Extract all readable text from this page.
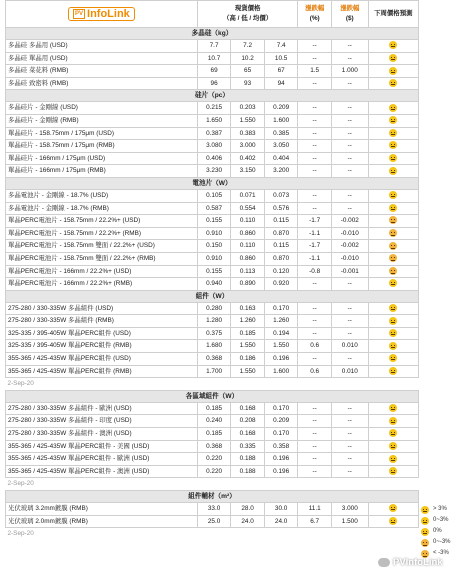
PV InfoLink	現貨價格
（高 / 低 / 均價）			漲跌幅
(%)	漲跌幅
($)	下周價格預測
多晶硅（kg）						
多晶硅 多晶用 (USD)	7.7	7.2	7.4	--	--	
多晶硅 單晶用 (USD)	10.7	10.2	10.5	--	--	
多晶硅 菜花料 (RMB)	69	65	67	1.5	1.000	
多晶硅 致密料 (RMB)	96	93	94	--	--	
硅片（pc）						
多晶硅片 - 金剛線 (USD)	0.215	0.203	0.209	--	--	
多晶硅片 - 金剛線 (RMB)	1.650	1.550	1.600	--	--	
單晶硅片 - 158.75mm / 175μm (USD)	0.387	0.383	0.385	--	--	
單晶硅片 - 158.75mm / 175μm (RMB)	3.080	3.000	3.050	--	--	
單晶硅片 - 166mm / 175μm (USD)	0.406	0.402	0.404	--	--	
單晶硅片 - 166mm / 175μm (RMB)	3.230	3.150	3.200	--	--	
電池片（W）						
多晶電池片 - 金剛線 - 18.7% (USD)	0.105	0.071	0.073	--	--	
多晶電池片 - 金剛線 - 18.7% (RMB)	0.587	0.554	0.576	--	--	
單晶PERC電池片 - 158.75mm / 22.2%+ (USD)	0.155	0.110	0.115	-1.7	-0.002	
單晶PERC電池片 - 158.75mm / 22.2%+ (RMB)	0.910	0.860	0.870	-1.1	-0.010	
單晶PERC電池片 - 158.75mm 雙面 / 22.2%+ (USD)	0.150	0.110	0.115	-1.7	-0.002	
單晶PERC電池片 - 158.75mm 雙面 / 22.2%+ (RMB)	0.910	0.860	0.870	-1.1	-0.010	
單晶PERC電池片 - 166mm / 22.2%+ (USD)	0.155	0.113	0.120	-0.8	-0.001	
單晶PERC電池片 - 166mm / 22.2%+ (RMB)	0.940	0.890	0.920	--	--	
組件（W）						
275-280 / 330-335W 多晶組件 (USD)	0.280	0.163	0.170	--	--	
275-280 / 330-335W 多晶組件 (RMB)	1.280	1.260	1.260	--	--	
325-335 / 395-405W 單晶PERC組件 (USD)	0.375	0.185	0.194	--	--	
325-335 / 395-405W 單晶PERC組件 (RMB)	1.680	1.550	1.550	0.6	0.010	
355-365 / 425-435W 單晶PERC組件 (USD)	0.368	0.186	0.196	--	--	
355-365 / 425-435W 單晶PERC組件 (RMB)	1.700	1.550	1.600	0.6	0.010	
2-Sep-20						
各區域組件（W）						
275-280 / 330-335W 多晶組件 - 歐洲 (USD)	0.185	0.168	0.170	--	--	
275-280 / 330-335W 多晶組件 - 印度 (USD)	0.240	0.208	0.209	--	--	
275-280 / 330-335W 多晶組件 - 澳洲 (USD)	0.185	0.168	0.170	--	--	
355-365 / 425-435W 單晶PERC組件 - 美國 (USD)	0.368	0.335	0.358	--	--	
355-365 / 425-435W 單晶PERC組件 - 歐洲 (USD)	0.220	0.188	0.196	--	--	
355-365 / 425-435W 單晶PERC組件 - 澳洲 (USD)	0.220	0.188	0.196	--	--	
2-Sep-20						
組件輔材（m²）						
光伏玻璃 3.2mm鍍膜 (RMB)	33.0	28.0	30.0	11.1	3.000	
光伏玻璃 2.0mm鍍膜 (RMB)	25.0	24.0	24.0	6.7	1.500	
2-Sep-20						
> 3%
0~3%
0%
0~-3%
< -3%
PVInfoLink
